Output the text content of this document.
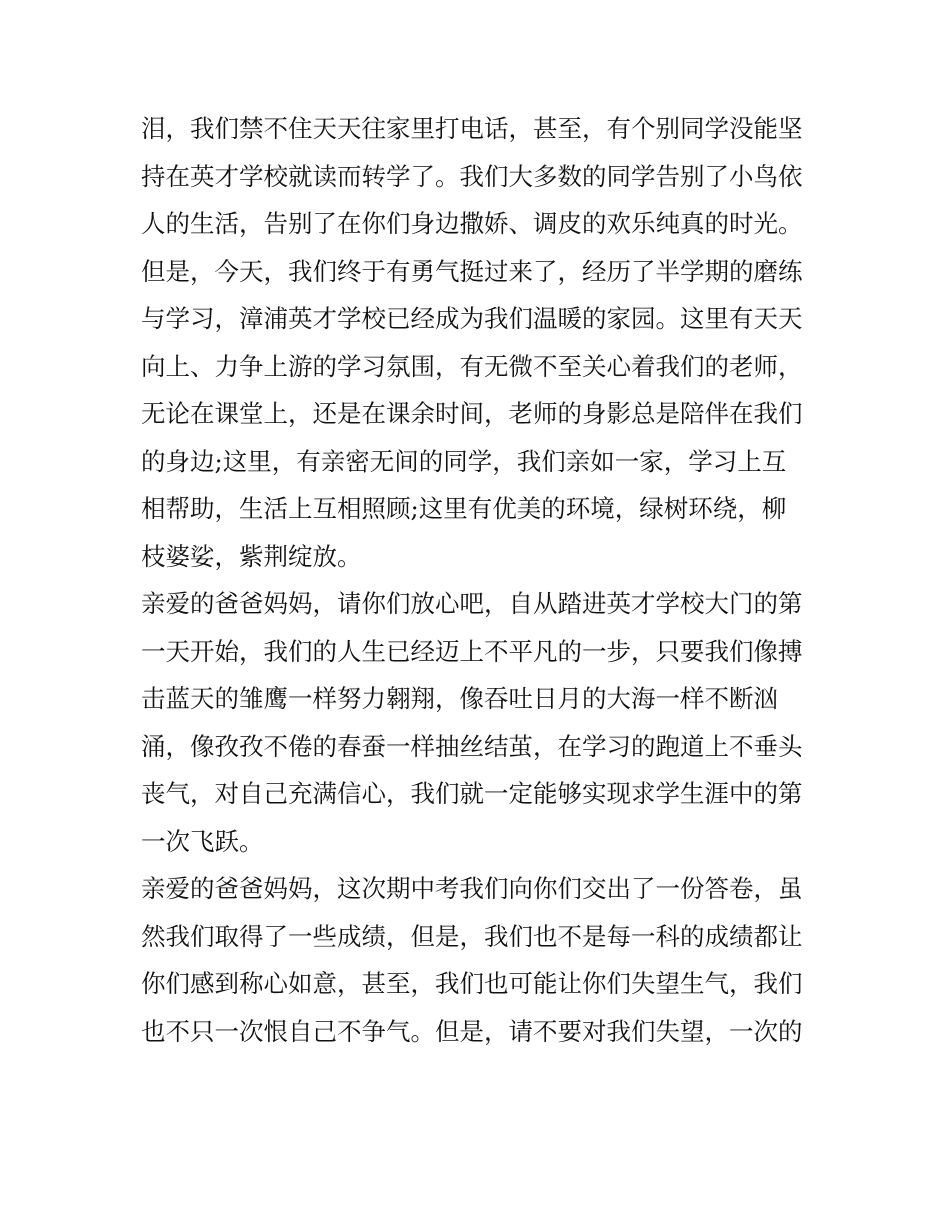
泪，我们禁不住天天往家里打电话，甚至，有个别同学没能坚
持在英才学校就读而转学了。我们大多数的同学告别了小鸟依
人的生活，告别了在你们身边撒娇、调皮的欢乐纯真的时光。
但是，今天，我们终于有勇气挺过来了，经历了半学期的磨练
与学习，漳浦英才学校已经成为我们温暖的家园。这里有天天
向上、力争上游的学习氛围，有无微不至关心着我们的老师，
无论在课堂上，还是在课余时间，老师的身影总是陪伴在我们
的身边;这里，有亲密无间的同学，我们亲如一家，学习上互
相帮助，生活上互相照顾;这里有优美的环境，绿树环绕，柳
枝婆娑，紫荆绽放。
亲爱的爸爸妈妈，请你们放心吧，自从踏进英才学校大门的第
一天开始，我们的人生已经迈上不平凡的一步，只要我们像搏
击蓝天的雏鹰一样努力翱翔，像吞吐日月的大海一样不断汹
涌，像孜孜不倦的春蚕一样抽丝结茧，在学习的跑道上不垂头
丧气，对自己充满信心，我们就一定能够实现求学生涯中的第
一次飞跃。
亲爱的爸爸妈妈，这次期中考我们向你们交出了一份答卷，虽
然我们取得了一些成绩，但是，我们也不是每一科的成绩都让
你们感到称心如意，甚至，我们也可能让你们失望生气，我们
也不只一次恨自己不争气。但是，请不要对我们失望，一次的
